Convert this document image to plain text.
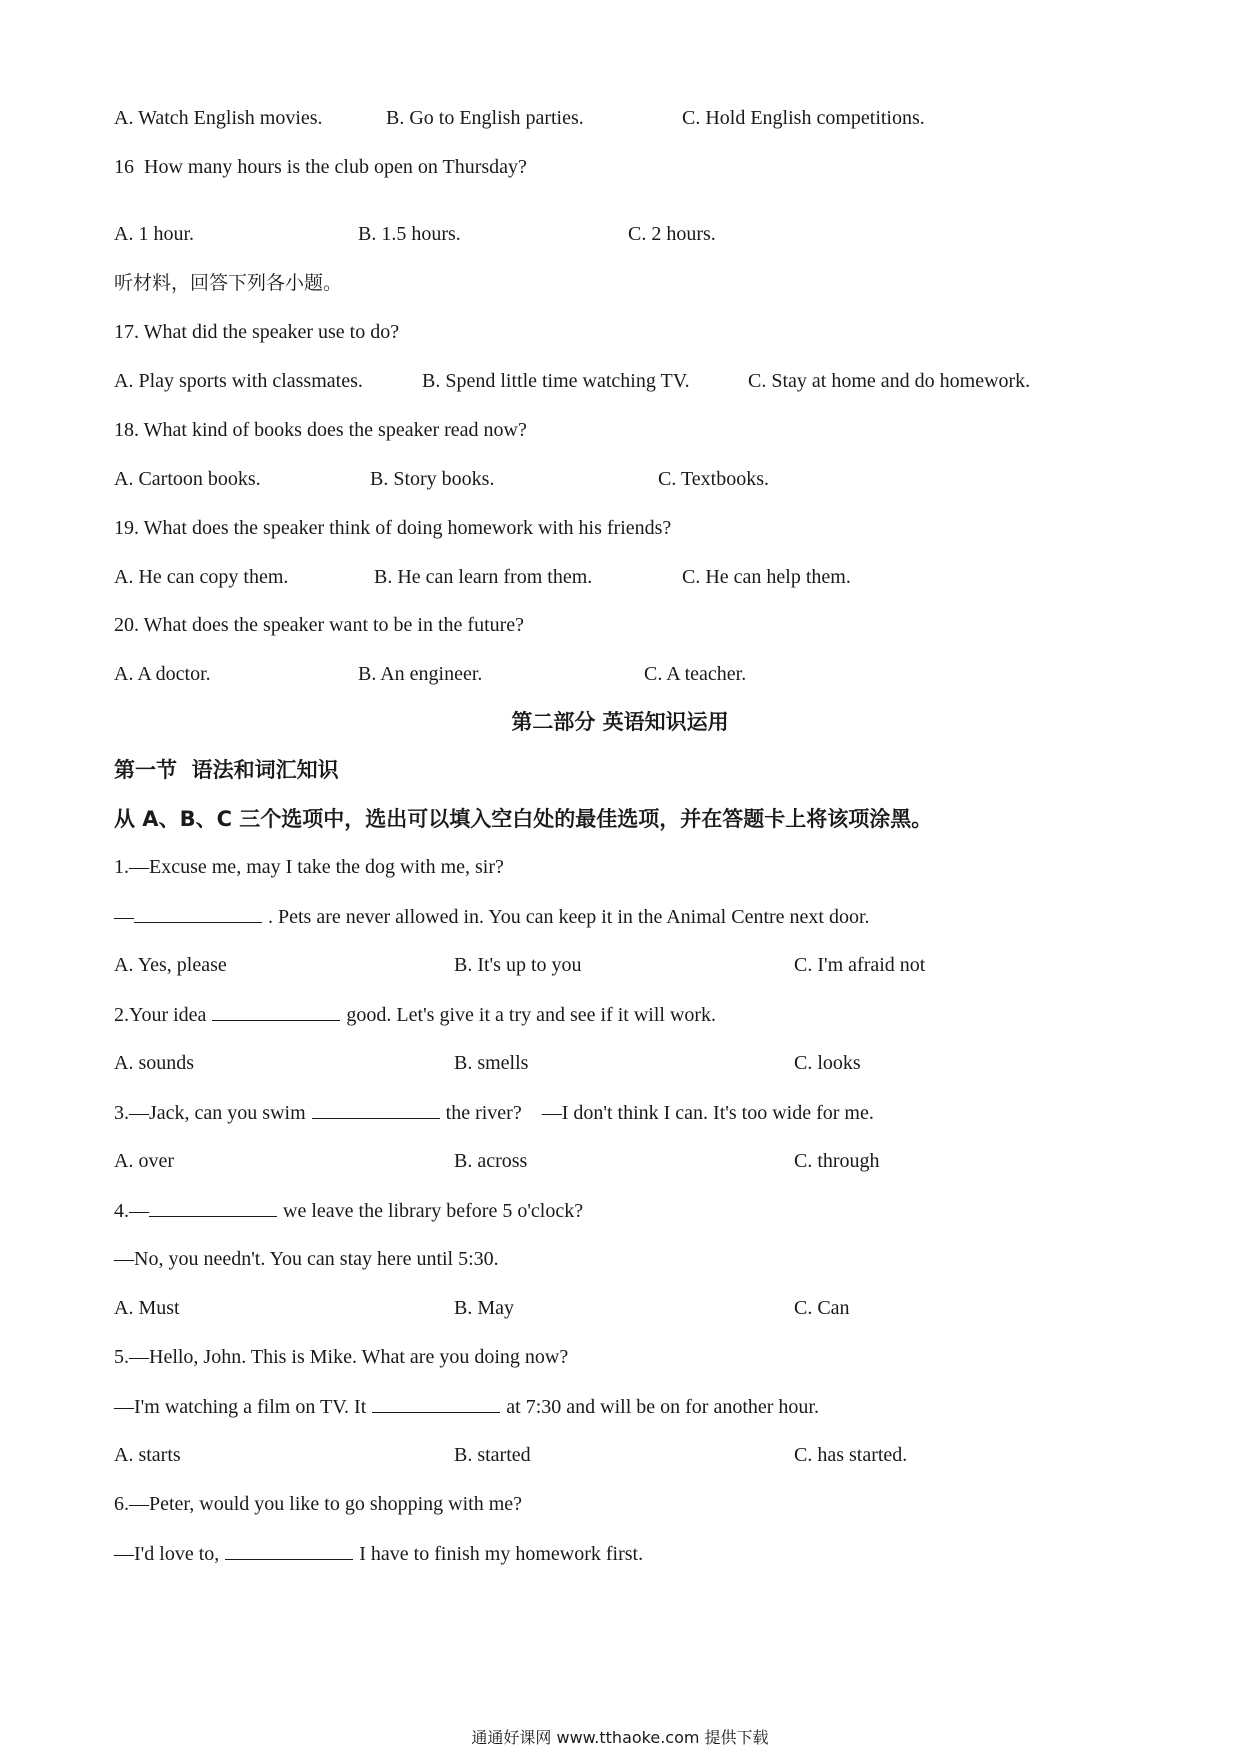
A. Watch English movies.	B. Go to English parties.	C. Hold English competitions.
16  How many hours is the club open on Thursday?
A. 1 hour.	B. 1.5 hours.	C. 2 hours.
听材料，回答下列各小题。
17. What did the speaker use to do?
A. Play sports with classmates.	B. Spend little time watching TV.	C. Stay at home and do homework.
18. What kind of books does the speaker read now?
A. Cartoon books.	B. Story books.	C. Textbooks.
19. What does the speaker think of doing homework with his friends?
A. He can copy them.	B. He can learn from them.	C. He can help them.
20. What does the speaker want to be in the future?
A. A doctor.	B. An engineer.	C. A teacher.
第二部分 英语知识运用
第一节  语法和词汇知识
从 A、B、C 三个选项中，选出可以填入空白处的最佳选项，并在答题卡上将该项涂黑。
1.—Excuse me, may I take the dog with me, sir?
—	. Pets are never allowed in. You can keep it in the Animal Centre next door.
A. Yes, please	B. It's up to you	C. I'm afraid not
2.Your idea	good. Let's give it a try and see if it will work.
A. sounds	B. smells	C. looks
3.—Jack, can you swim	the river?    —I don't think I can. It's too wide for me.
A. over	B. across	C. through
4.—	we leave the library before 5 o'clock?
—No, you needn't. You can stay here until 5:30.
A. Must	B. May	C. Can
5.—Hello, John. This is Mike. What are you doing now?
—I'm watching a film on TV. It	at 7:30 and will be on for another hour.
A. starts	B. started	C. has started.
6.—Peter, would you like to go shopping with me?
—I'd love to,	I have to finish my homework first.
通通好课网 www.tthaoke.com 提供下载
